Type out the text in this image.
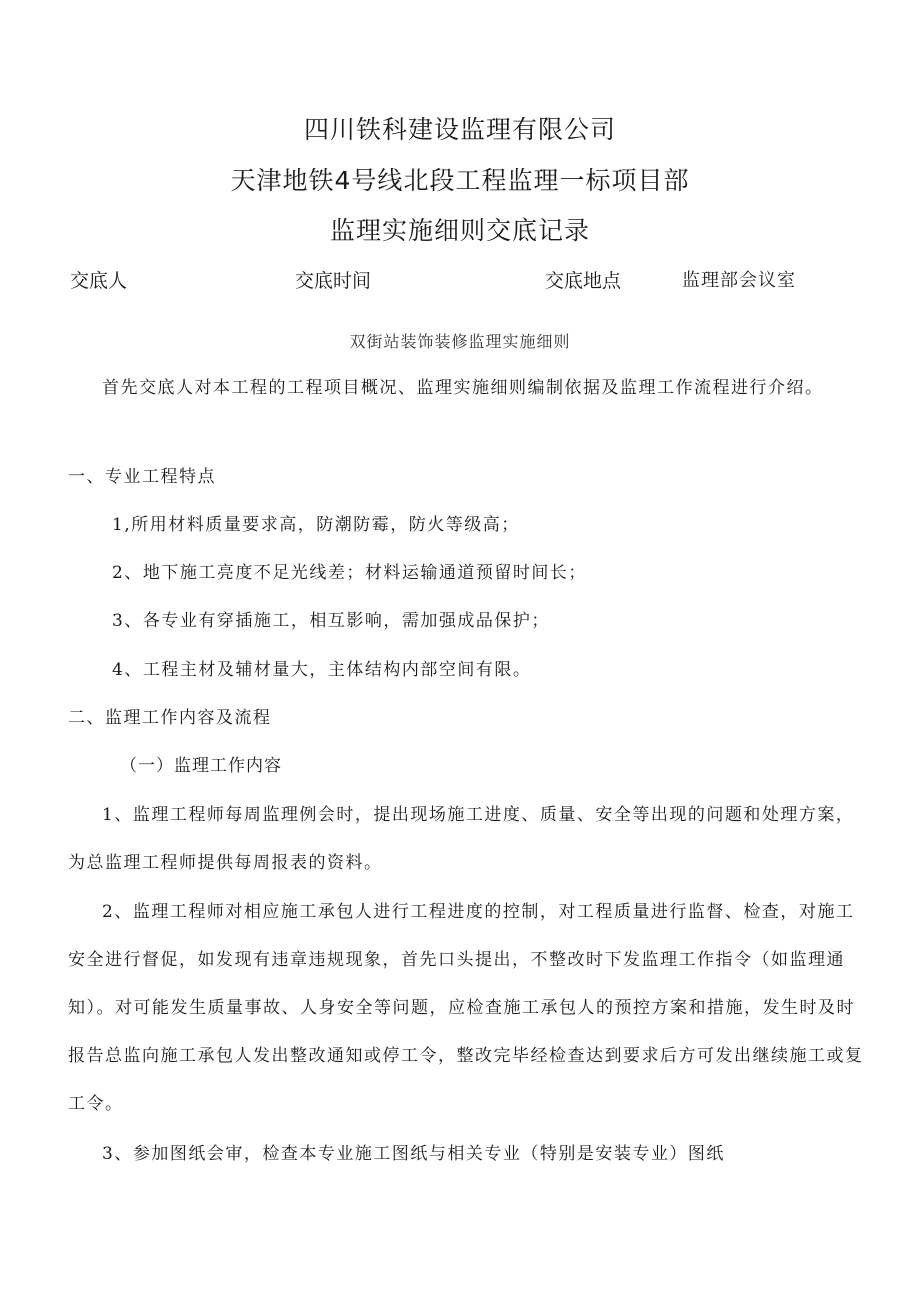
四川铁科建设监理有限公司
天津地铁4号线北段工程监理一标项目部
监理实施细则交底记录
交底人	交底时间	交底地点	监理部会议室
双街站装饰装修监理实施细则

首先交底人对本工程的工程项目概况、监理实施细则编制依据及监理工作流程进行介绍。

一、专业工程特点
1,所用材料质量要求高，防潮防霉，防火等级高；
2、地下施工亮度不足光线差；材料运输通道预留时间长；
3、各专业有穿插施工，相互影响，需加强成品保护；
4、工程主材及辅材量大，主体结构内部空间有限。
二、监理工作内容及流程
（一）监理工作内容

1、监理工程师每周监理例会时，提出现场施工进度、质量、安全等出现的问题和处理方案，为总监理工程师提供每周报表的资料。

2、监理工程师对相应施工承包人进行工程进度的控制，对工程质量进行监督、检查，对施工安全进行督促，如发现有违章违规现象，首先口头提出，不整改时下发监理工作指令（如监理通知）。对可能发生质量事故、人身安全等问题，应检查施工承包人的预控方案和措施，发生时及时报告总监向施工承包人发出整改通知或停工令，整改完毕经检查达到要求后方可发出继续施工或复工令。

3、参加图纸会审，检查本专业施工图纸与相关专业（特别是安装专业）图纸
